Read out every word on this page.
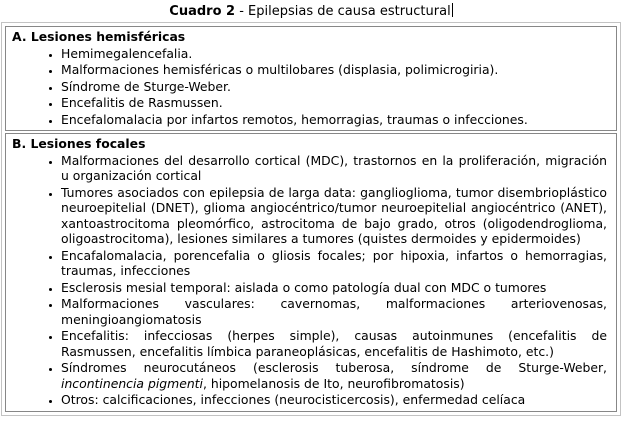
Cuadro 2 - Epilepsias de causa estructural
A. Lesiones hemisféricas
• Hemimegalencefalia.
• Malformaciones hemisféricas o multilobares (displasia, polimicrogiria).
• Síndrome de Sturge-Weber.
• Encefalitis de Rasmussen.
• Encefalomalacia por infartos remotos, hemorragias, traumas o infecciones.
B. Lesiones focales
• Malformaciones del desarrollo cortical (MDC), trastornos en la proliferación, migración u organización cortical
• Tumores asociados con epilepsia de larga data: ganglioglioma, tumor disembrioplástico neuroepitelial (DNET), glioma angiocéntrico/tumor neuroepitelial angiocéntrico (ANET), xantoastrocitoma pleomórfico, astrocitoma de bajo grado, otros (oligodendroglioma, oligoastrocitoma), lesiones similares a tumores (quistes dermoides y epidermoides)
• Encafalomalacia, porencefalia o gliosis focales; por hipoxia, infartos o hemorragias, traumas, infecciones
• Esclerosis mesial temporal: aislada o como patología dual con MDC o tumores
• Malformaciones vasculares: cavernomas, malformaciones arteriovenosas, meningioangiomatosis
• Encefalitis: infecciosas (herpes simple), causas autoinmunes (encefalitis de Rasmussen, encefalitis límbica paraneoplásicas, encefalitis de Hashimoto, etc.)
• Síndromes neurocutáneos (esclerosis tuberosa, síndrome de Sturge-Weber, incontinencia pigmenti, hipomelanosis de Ito, neurofibromatosis)
• Otros: calcificaciones, infecciones (neurocisticercosis), enfermedad celíaca
